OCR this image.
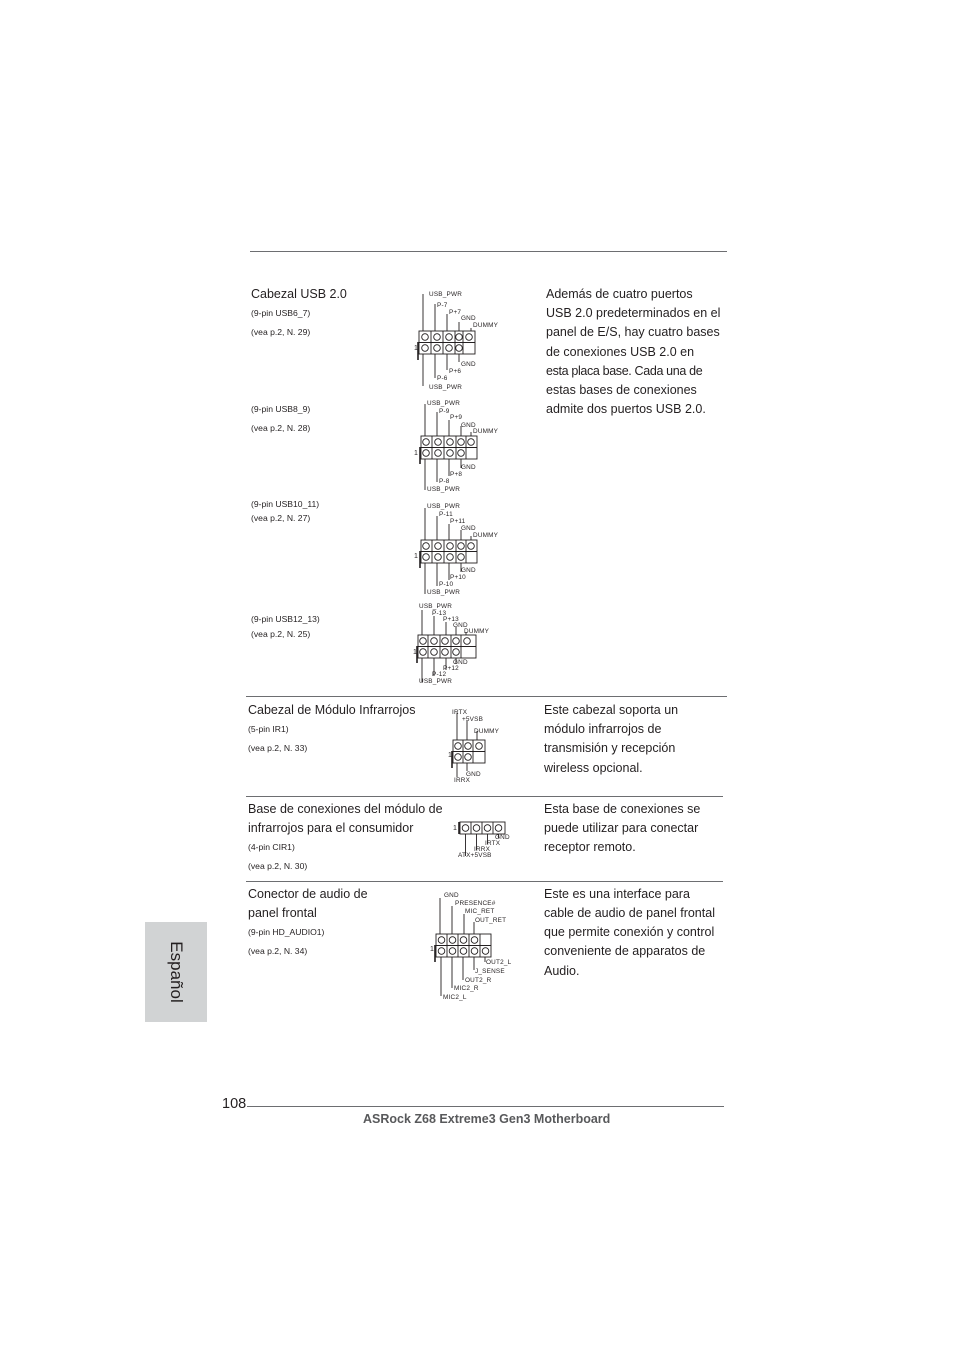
Cabezal USB 2.0
(9-pin USB6_7)
(vea p.2, N. 29)
(9-pin USB8_9)
(vea p.2, N. 28)
(9-pin USB10_11)
(vea p.2, N. 27)
(9-pin USB12_13)
(vea p.2, N. 25)
1
USB_PWR
P-7
P+7
GND
DUMMY
GND
P+6
P-6
USB_PWR
1
USB_PWR
P-9
P+9
GND
DUMMY
GND
P+8
P-8
USB_PWR
1
USB_PWR
P-11
P+11
GND
DUMMY
GND
P+10
P-10
USB_PWR
1
USB_PWR
P-13
P+13
GND
DUMMY
GND
P+12
P-12
USB_PWR
Además de cuatro puertos
USB 2.0 predeterminados en el
panel de E/S, hay cuatro bases
de conexiones USB 2.0 en
esta placa base. Cada una de
estas bases de conexiones
admite dos puertos USB 2.0.
Cabezal de Módulo Infrarrojos
(5-pin IR1)
(vea p.2, N. 33)
1
IRTX
+5VSB
DUMMY
GND
IRRX
Este cabezal soporta un
módulo infrarrojos de
transmisión y recepción
wireless opcional.
Base de conexiones del módulo de
infrarrojos para el consumidor
(4-pin CIR1)
(vea p.2, N. 30)
1
GND
IRTX
IRRX
ATX+5VSB
Esta base de conexiones se
puede utilizar para conectar
receptor remoto.
Conector de audio de
panel frontal
(9-pin HD_AUDIO1)
(vea p.2, N. 34)	1
GND
PRESENCE#
MIC_RET
OUT_RET
OUT2_L
J_SENSE
OUT2_R
MIC2_R
MIC2_L
Este es una interface para
cable de audio de panel frontal
que permite conexión y control
conveniente de apparatos de
Audio.
Español
108
ASRock Z68 Extreme3 Gen3 Motherboard
